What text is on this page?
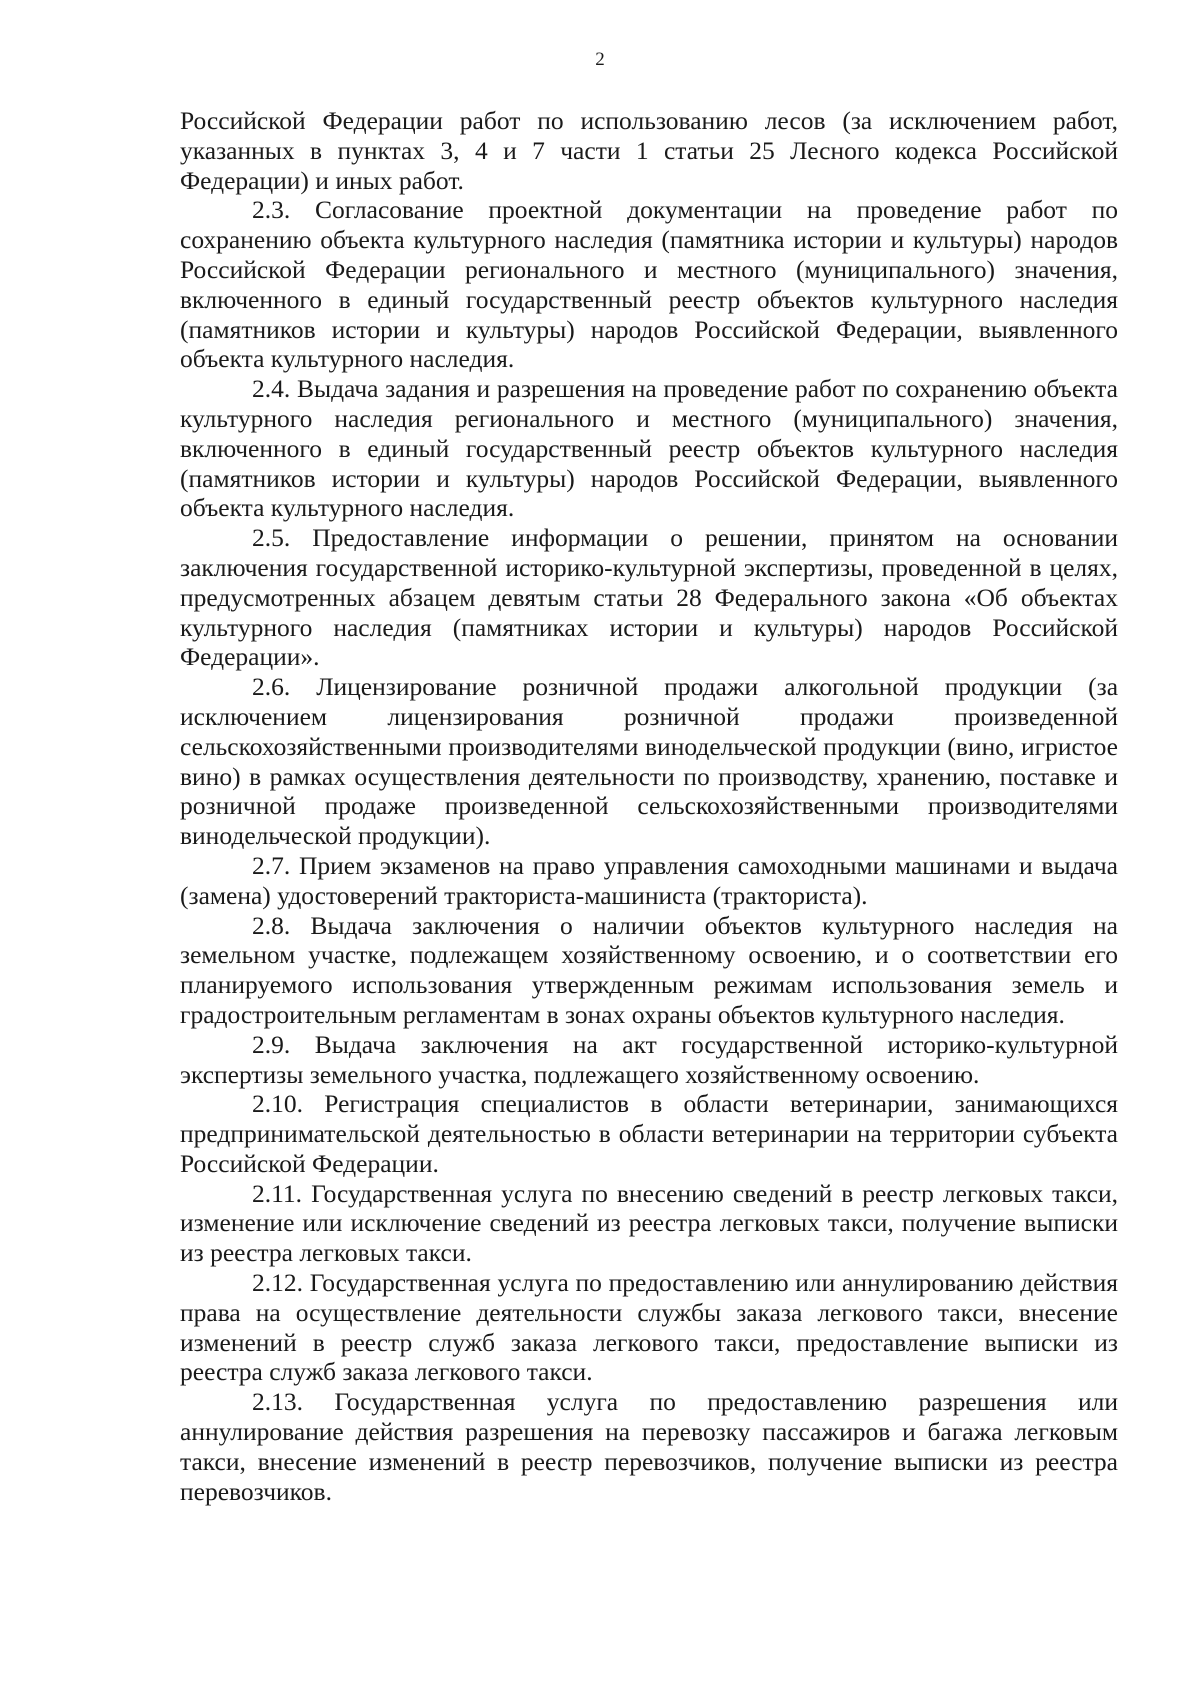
2

Российской Федерации работ по использованию лесов (за исключением работ, указанных в пунктах 3, 4 и 7 части 1 статьи 25 Лесного кодекса Российской Федерации) и иных работ.

2.3. Согласование проектной документации на проведение работ по сохранению объекта культурного наследия (памятника истории и культуры) народов Российской Федерации регионального и местного (муниципального) значения, включенного в единый государственный реестр объектов культурного наследия (памятников истории и культуры) народов Российской Федерации, выявленного объекта культурного наследия.

2.4. Выдача задания и разрешения на проведение работ по сохранению объекта культурного наследия регионального и местного (муниципального) значения, включенного в единый государственный реестр объектов культурного наследия (памятников истории и культуры) народов Российской Федерации, выявленного объекта культурного наследия.

2.5. Предоставление информации о решении, принятом на основании заключения государственной историко-культурной экспертизы, проведенной в целях, предусмотренных абзацем девятым статьи 28 Федерального закона «Об объектах культурного наследия (памятниках истории и культуры) народов Российской Федерации».

2.6. Лицензирование розничной продажи алкогольной продукции (за исключением лицензирования розничной продажи произведенной сельскохозяйственными производителями винодельческой продукции (вино, игристое вино) в рамках осуществления деятельности по производству, хранению, поставке и розничной продаже произведенной сельскохозяйственными производителями винодельческой продукции).

2.7. Прием экзаменов на право управления самоходными машинами и выдача (замена) удостоверений тракториста-машиниста (тракториста).

2.8. Выдача заключения о наличии объектов культурного наследия на земельном участке, подлежащем хозяйственному освоению, и о соответствии его планируемого использования утвержденным режимам использования земель и градостроительным регламентам в зонах охраны объектов культурного наследия.

2.9. Выдача заключения на акт государственной историко-культурной экспертизы земельного участка, подлежащего хозяйственному освоению.

2.10. Регистрация специалистов в области ветеринарии, занимающихся предпринимательской деятельностью в области ветеринарии на территории субъекта Российской Федерации.

2.11. Государственная услуга по внесению сведений в реестр легковых такси, изменение или исключение сведений из реестра легковых такси, получение выписки из реестра легковых такси.

2.12. Государственная услуга по предоставлению или аннулированию действия права на осуществление деятельности службы заказа легкового такси, внесение изменений в реестр служб заказа легкового такси, предоставление выписки из реестра служб заказа легкового такси.

2.13. Государственная услуга по предоставлению разрешения или аннулирование действия разрешения на перевозку пассажиров и багажа легковым такси, внесение изменений в реестр перевозчиков, получение выписки из реестра перевозчиков.
